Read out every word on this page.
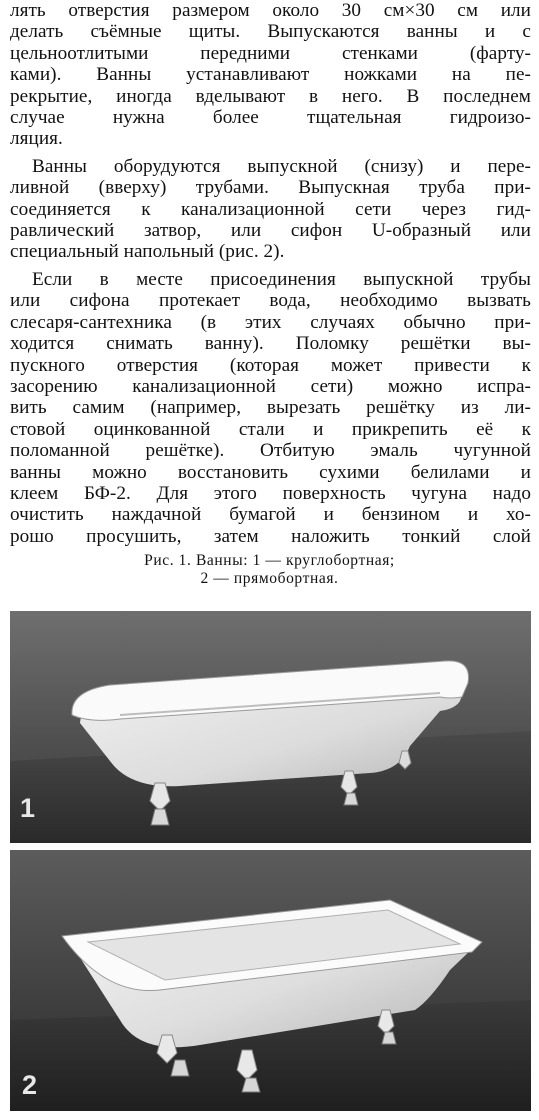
лять отверстия размером около 30 см×30 см или
делать съёмные щиты. Выпускаются ванны и с
цельноотлитыми передними стенками (фарту-
ками). Ванны устанавливают ножками на пе-
рекрытие, иногда вделывают в него. В последнем
случае нужна более тщательная гидроизо-
ляция.
Ванны оборудуются выпускной (снизу) и пере-
ливной (вверху) трубами. Выпускная труба при-
соединяется к канализационной сети через гид-
равлический затвор, или сифон U-образный или
специальный напольный (рис. 2).
Если в месте присоединения выпускной трубы
или сифона протекает вода, необходимо вызвать
слесаря-сантехника (в этих случаях обычно при-
ходится снимать ванну). Поломку решётки вы-
пускного отверстия (которая может привести к
засорению канализационной сети) можно испра-
вить самим (например, вырезать решётку из ли-
стовой оцинкованной стали и прикрепить её к
поломанной решётке). Отбитую эмаль чугунной
ванны можно восстановить сухими белилами и
клеем БФ-2. Для этого поверхность чугуна надо
очистить наждачной бумагой и бензином и хо-
рошо просушить, затем наложить тонкий слой
Рис. 1. Ванны: 1 — круглобортная;
2 — прямобортная.
1
2
